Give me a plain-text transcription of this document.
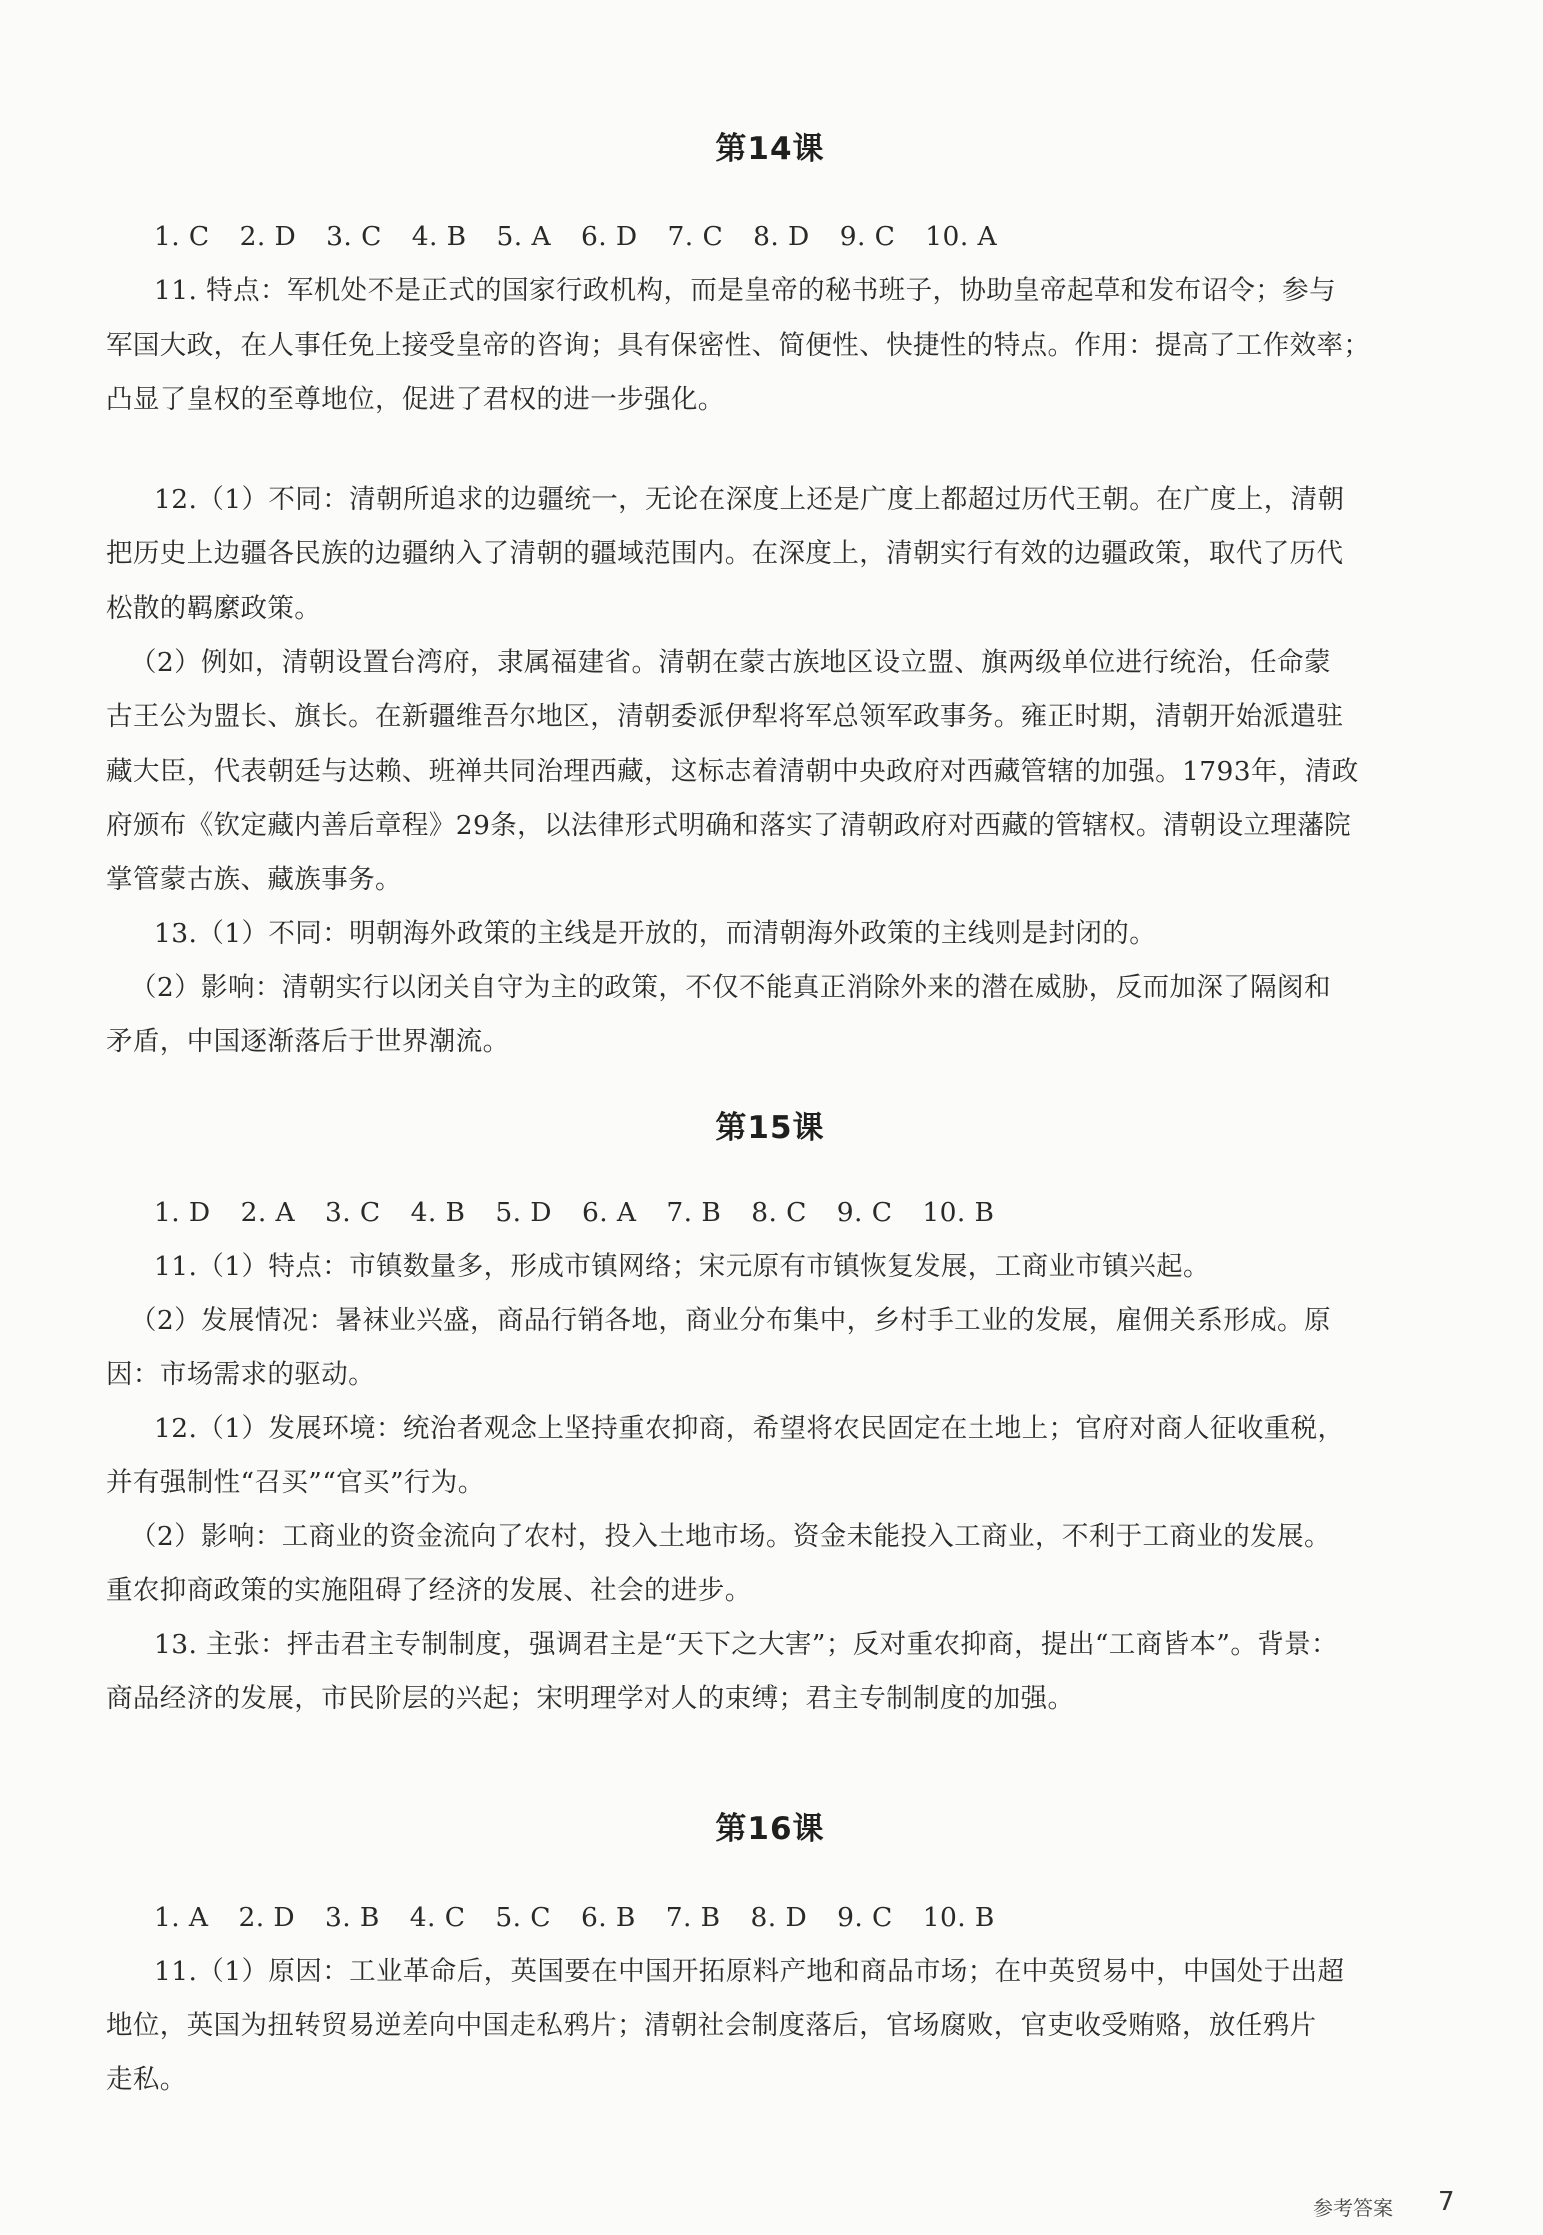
第14课
1. C 2. D 3. C 4. B 5. A 6. D 7. C 8. D 9. C 10. A
11. 特点：军机处不是正式的国家行政机构，而是皇帝的秘书班子，协助皇帝起草和发布诏令；参与
军国大政，在人事任免上接受皇帝的咨询；具有保密性、简便性、快捷性的特点。作用：提高了工作效率；
凸显了皇权的至尊地位，促进了君权的进一步强化。
12.（1）不同：清朝所追求的边疆统一，无论在深度上还是广度上都超过历代王朝。在广度上，清朝
把历史上边疆各民族的边疆纳入了清朝的疆域范围内。在深度上，清朝实行有效的边疆政策，取代了历代
松散的羁縻政策。
（2）例如，清朝设置台湾府，隶属福建省。清朝在蒙古族地区设立盟、旗两级单位进行统治，任命蒙
古王公为盟长、旗长。在新疆维吾尔地区，清朝委派伊犁将军总领军政事务。雍正时期，清朝开始派遣驻
藏大臣，代表朝廷与达赖、班禅共同治理西藏，这标志着清朝中央政府对西藏管辖的加强。1793年，清政
府颁布《钦定藏内善后章程》29条，以法律形式明确和落实了清朝政府对西藏的管辖权。清朝设立理藩院
掌管蒙古族、藏族事务。
13.（1）不同：明朝海外政策的主线是开放的，而清朝海外政策的主线则是封闭的。
（2）影响：清朝实行以闭关自守为主的政策，不仅不能真正消除外来的潜在威胁，反而加深了隔阂和
矛盾，中国逐渐落后于世界潮流。
第15课
1. D 2. A 3. C 4. B 5. D 6. A 7. B 8. C 9. C 10. B
11.（1）特点：市镇数量多，形成市镇网络；宋元原有市镇恢复发展，工商业市镇兴起。
（2）发展情况：暑袜业兴盛，商品行销各地，商业分布集中，乡村手工业的发展，雇佣关系形成。原
因：市场需求的驱动。
12.（1）发展环境：统治者观念上坚持重农抑商，希望将农民固定在土地上；官府对商人征收重税，
并有强制性“召买”“官买”行为。
（2）影响：工商业的资金流向了农村，投入土地市场。资金未能投入工商业，不利于工商业的发展。
重农抑商政策的实施阻碍了经济的发展、社会的进步。
13. 主张：抨击君主专制制度，强调君主是“天下之大害”；反对重农抑商，提出“工商皆本”。背景：
商品经济的发展，市民阶层的兴起；宋明理学对人的束缚；君主专制制度的加强。
第16课
1. A 2. D 3. B 4. C 5. C 6. B 7. B 8. D 9. C 10. B
11.（1）原因：工业革命后，英国要在中国开拓原料产地和商品市场；在中英贸易中，中国处于出超
地位，英国为扭转贸易逆差向中国走私鸦片；清朝社会制度落后，官场腐败，官吏收受贿赂，放任鸦片
走私。
参考答案 7
